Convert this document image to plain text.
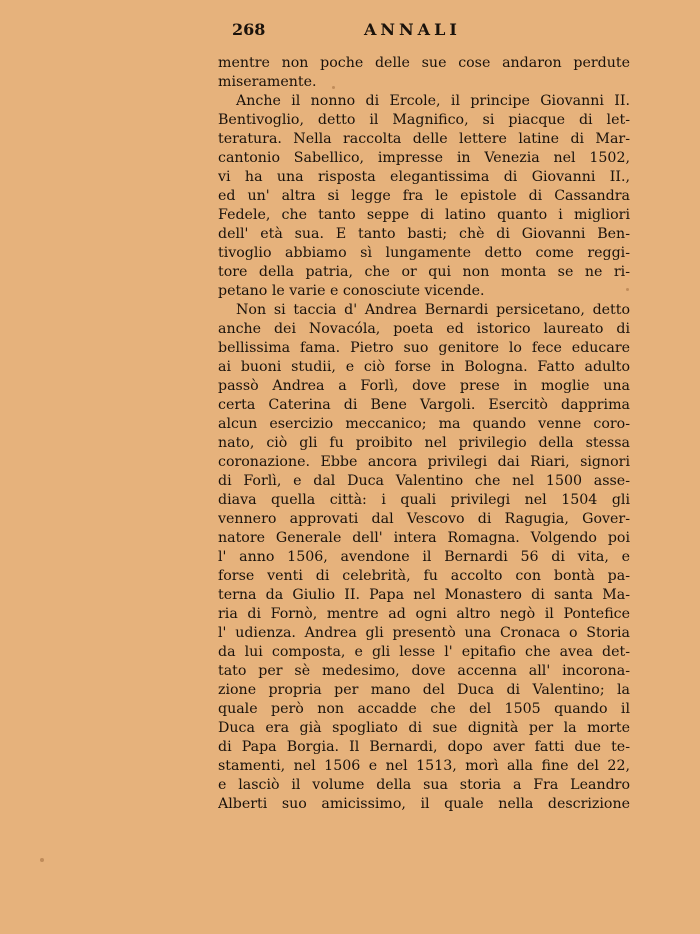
268	ANNALI
mentre non poche delle sue cose andaron perdute
miseramente.
Anche il nonno di Ercole, il principe Giovanni II.
Bentivoglio, detto il Magnifico, si piacque di let-
teratura. Nella raccolta delle lettere latine di Mar-
cantonio Sabellico, impresse in Venezia nel 1502,
vi ha una risposta elegantissima di Giovanni II.,
ed un' altra si legge fra le epistole di Cassandra
Fedele, che tanto seppe di latino quanto i migliori
dell' età sua. E tanto basti; chè di Giovanni Ben-
tivoglio abbiamo sì lungamente detto come reggi-
tore della patria, che or qui non monta se ne ri-
petano le varie e conosciute vicende.
Non si taccia d' Andrea Bernardi persicetano, detto
anche dei Novacóla, poeta ed istorico laureato di
bellissima fama. Pietro suo genitore lo fece educare
ai buoni studii, e ciò forse in Bologna. Fatto adulto
passò Andrea a Forlì, dove prese in moglie una
certa Caterina di Bene Vargoli. Esercitò dapprima
alcun esercizio meccanico; ma quando venne coro-
nato, ciò gli fu proibito nel privilegio della stessa
coronazione. Ebbe ancora privilegi dai Riari, signori
di Forlì, e dal Duca Valentino che nel 1500 asse-
diava quella città: i quali privilegi nel 1504 gli
vennero approvati dal Vescovo di Ragugia, Gover-
natore Generale dell' intera Romagna. Volgendo poi
l' anno 1506, avendone il Bernardi 56 di vita, e
forse venti di celebrità, fu accolto con bontà pa-
terna da Giulio II. Papa nel Monastero di santa Ma-
ria di Fornò, mentre ad ogni altro negò il Pontefice
l' udienza. Andrea gli presentò una Cronaca o Storia
da lui composta, e gli lesse l' epitafio che avea det-
tato per sè medesimo, dove accenna all' incorona-
zione propria per mano del Duca di Valentino; la
quale però non accadde che del 1505 quando il
Duca era già spogliato di sue dignità per la morte
di Papa Borgia. Il Bernardi, dopo aver fatti due te-
stamenti, nel 1506 e nel 1513, morì alla fine del 22,
e lasciò il volume della sua storia a Fra Leandro
Alberti suo amicissimo, il quale nella descrizione
